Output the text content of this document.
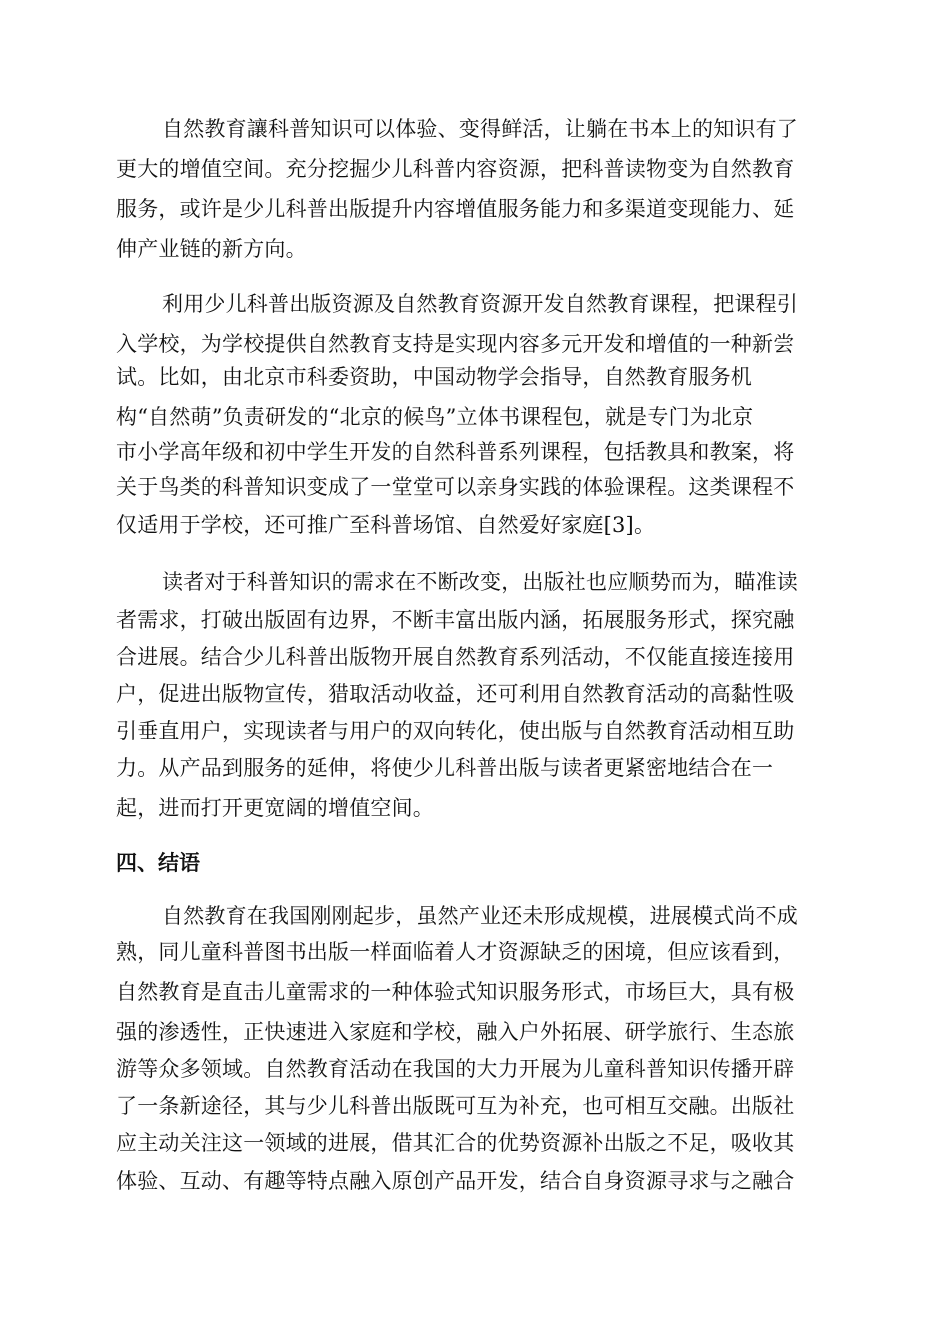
自然教育讓科普知识可以体验、变得鲜活，让躺在书本上的知识有了
更大的增值空间。充分挖掘少儿科普内容资源，把科普读物变为自然教育
服务，或许是少儿科普出版提升内容增值服务能力和多渠道变现能力、延
伸产业链的新方向。
利用少儿科普出版资源及自然教育资源开发自然教育课程，把课程引
入学校，为学校提供自然教育支持是实现内容多元开发和增值的一种新尝
试。比如，由北京市科委资助，中国动物学会指导，自然教育服务机
构“自然萌”负责研发的“北京的候鸟”立体书课程包，就是专门为北京
市小学高年级和初中学生开发的自然科普系列课程，包括教具和教案，将
关于鸟类的科普知识变成了一堂堂可以亲身实践的体验课程。这类课程不
仅适用于学校，还可推广至科普场馆、自然爱好家庭[3]。
读者对于科普知识的需求在不断改变，出版社也应顺势而为，瞄准读
者需求，打破出版固有边界，不断丰富出版内涵，拓展服务形式，探究融
合进展。结合少儿科普出版物开展自然教育系列活动，不仅能直接连接用
户，促进出版物宣传，猎取活动收益，还可利用自然教育活动的高黏性吸
引垂直用户，实现读者与用户的双向转化，使出版与自然教育活动相互助
力。从产品到服务的延伸，将使少儿科普出版与读者更紧密地结合在一
起，进而打开更宽阔的增值空间。
四、结语
自然教育在我国刚刚起步，虽然产业还未形成规模，进展模式尚不成
熟，同儿童科普图书出版一样面临着人才资源缺乏的困境，但应该看到，
自然教育是直击儿童需求的一种体验式知识服务形式，市场巨大，具有极
强的渗透性，正快速进入家庭和学校，融入户外拓展、研学旅行、生态旅
游等众多领域。自然教育活动在我国的大力开展为儿童科普知识传播开辟
了一条新途径，其与少儿科普出版既可互为补充，也可相互交融。出版社
应主动关注这一领域的进展，借其汇合的优势资源补出版之不足，吸收其
体验、互动、有趣等特点融入原创产品开发，结合自身资源寻求与之融合
